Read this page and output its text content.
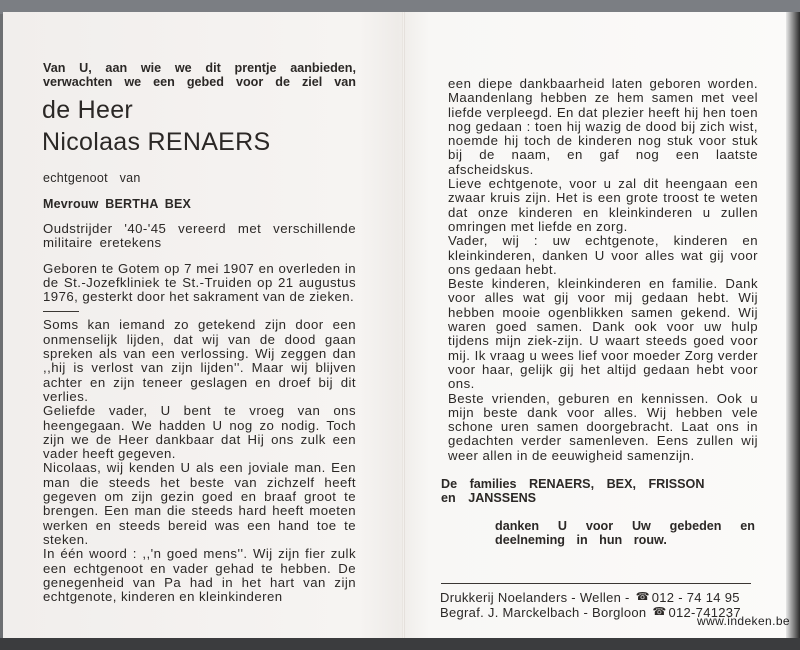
Van U, aan wie we dit prentje aanbieden, verwachten we een gebed voor de ziel van

de Heer
Nicolaas RENAERS
echtgenoot van
Mevrouw BERTHA BEX

Oudstrijder '40-'45 vereerd met verschillende militaire eretekens

Geboren te Gotem op 7 mei 1907 en overleden in de St.-Jozefkliniek te St.-Truiden op 21 augustus 1976, gesterkt door het sakrament van de zieken.

Soms kan iemand zo getekend zijn door een onmenselijk lijden, dat wij van de dood gaan spreken als van een verlossing. Wij zeggen dan ,,hij is verlost van zijn lijden''. Maar wij blijven achter en zijn teneer geslagen en droef bij dit verlies.

Geliefde vader, U bent te vroeg van ons heengegaan. We hadden U nog zo nodig. Toch zijn we de Heer dankbaar dat Hij ons zulk een vader heeft gegeven.

Nicolaas, wij kenden U als een joviale man. Een man die steeds het beste van zichzelf heeft gegeven om zijn gezin goed en braaf groot te brengen. Een man die steeds hard heeft moeten werken en steeds bereid was een hand toe te steken.

In één woord : ,,'n goed mens''. Wij zijn fier zulk een echtgenoot en vader gehad te hebben. De genegenheid van Pa had in het hart van zijn echtgenote, kinderen en kleinkinderen

een diepe dankbaarheid laten geboren worden. Maandenlang hebben ze hem samen met veel liefde verpleegd. En dat plezier heeft hij hen toen nog gedaan : toen hij wazig de dood bij zich wist, noemde hij toch de kinderen nog stuk voor stuk bij de naam, en gaf nog een laatste afscheidskus.

Lieve echtgenote, voor u zal dit heengaan een zwaar kruis zijn. Het is een grote troost te weten dat onze kinderen en kleinkinderen u zullen omringen met liefde en zorg.

Vader, wij : uw echtgenote, kinderen en kleinkinderen, danken U voor alles wat gij voor ons gedaan hebt.

Beste kinderen, kleinkinderen en familie. Dank voor alles wat gij voor mij gedaan hebt. Wij hebben mooie ogenblikken samen gekend. Wij waren goed samen. Dank ook voor uw hulp tijdens mijn ziek-zijn. U waart steeds goed voor mij. Ik vraag u wees lief voor moeder Zorg verder voor haar, gelijk gij het altijd gedaan hebt voor ons.

Beste vrienden, geburen en kennissen. Ook u mijn beste dank voor alles. Wij hebben vele schone uren samen doorgebracht. Laat ons in gedachten verder samenleven. Eens zullen wij weer allen in de eeuwigheid samenzijn.

De families RENAERS, BEX, FRISSON en JANSSENS
danken U voor Uw gebeden en deelneming in hun rouw.
Drukkerij Noelanders - Wellen - ☎ 012 - 74 14 95
Begraf. J. Marckelbach - Borgloon ☎ 012-741237
www.indeken.be
